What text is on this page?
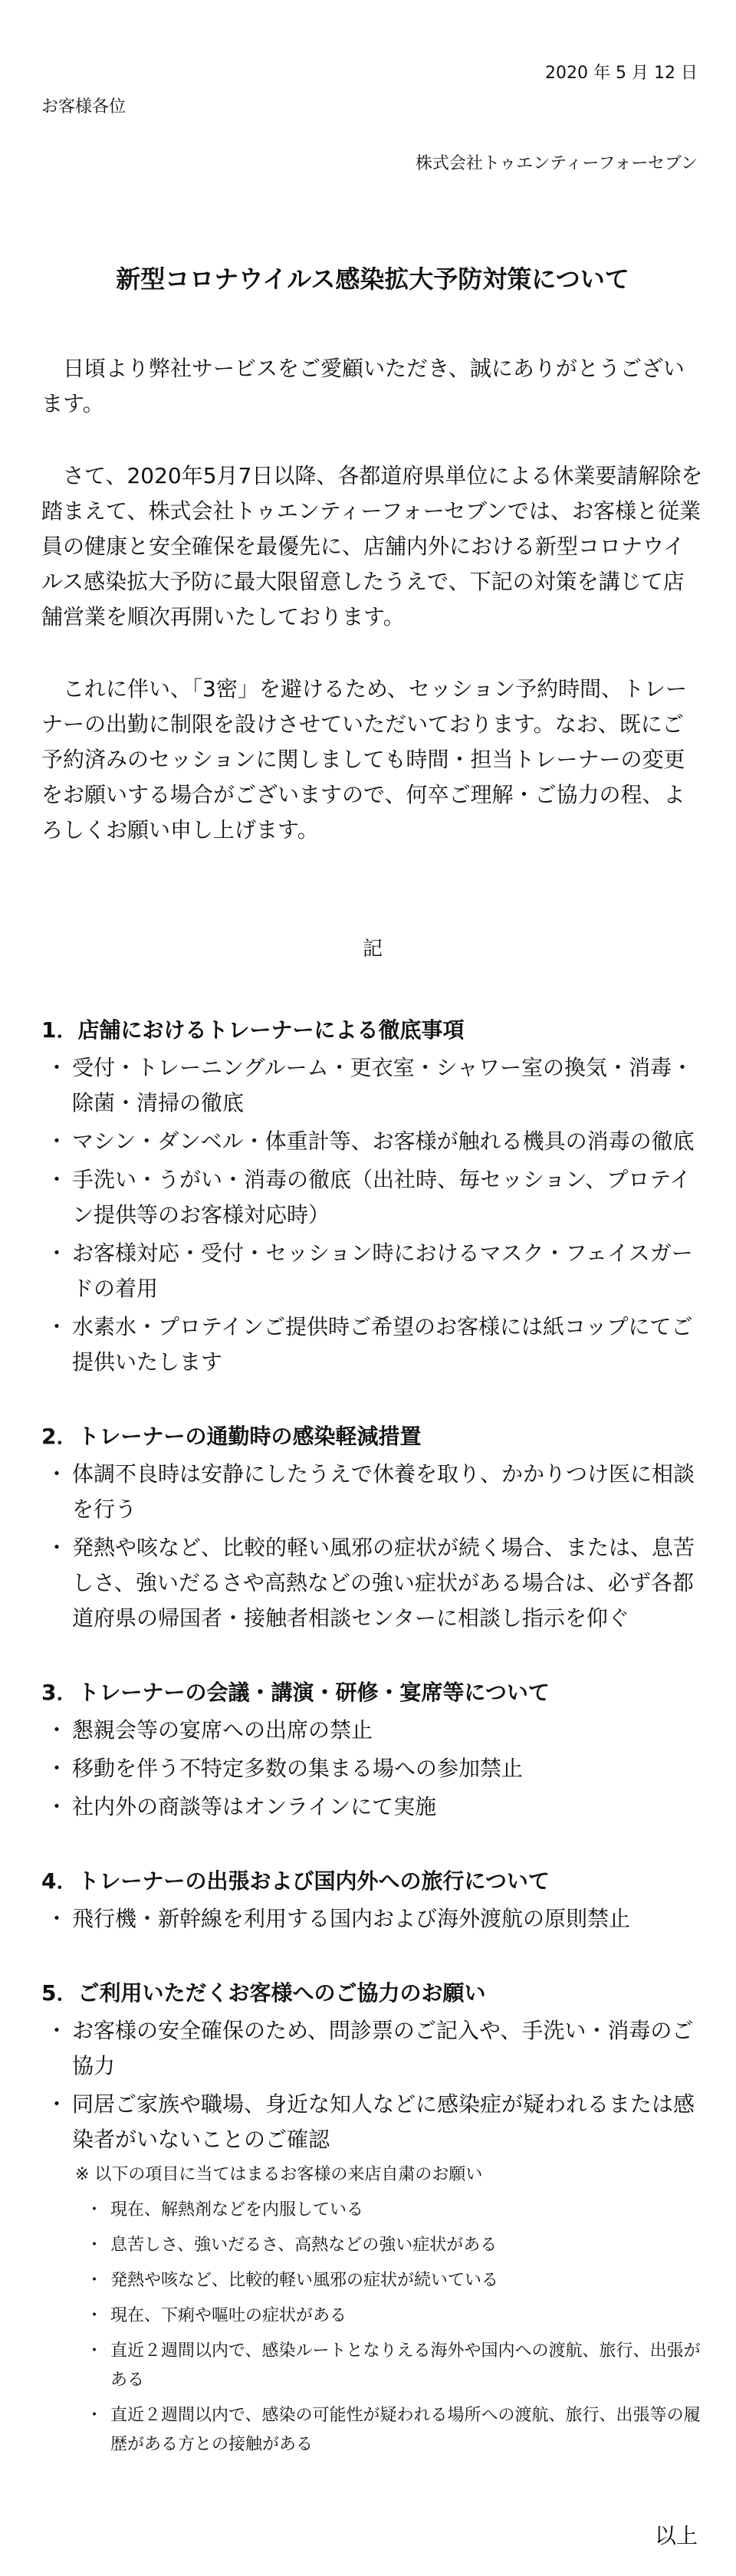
2020 年 5 月 12 日
お客様各位
株式会社トゥエンティーフォーセブン
新型コロナウイルス感染拡大予防対策について

日頃より弊社サービスをご愛顧いただき、誠にありがとうございます。

さて、2020年5月7日以降、各都道府県単位による休業要請解除を踏まえて、株式会社トゥエンティーフォーセブンでは、お客様と従業員の健康と安全確保を最優先に、店舗内外における新型コロナウイルス感染拡大予防に最大限留意したうえで、下記の対策を講じて店舗営業を順次再開いたしております。

これに伴い、「3密」を避けるため、セッション予約時間、トレーナーの出勤に制限を設けさせていただいております。なお、既にご予約済みのセッションに関しましても時間・担当トレーナーの変更をお願いする場合がございますので、何卒ご理解・ご協力の程、よろしくお願い申し上げます。

記
1．店舗におけるトレーナーによる徹底事項
・ 受付・トレーニングルーム・更衣室・シャワー室の換気・消毒・除菌・清掃の徹底
・ マシン・ダンベル・体重計等、お客様が触れる機具の消毒の徹底
・ 手洗い・うがい・消毒の徹底（出社時、毎セッション、プロテイン提供等のお客様対応時）
・ お客様対応・受付・セッション時におけるマスク・フェイスガードの着用
・ 水素水・プロテインご提供時ご希望のお客様には紙コップにてご提供いたします
2．トレーナーの通勤時の感染軽減措置
・ 体調不良時は安静にしたうえで休養を取り、かかりつけ医に相談を行う
・ 発熱や咳など、比較的軽い風邪の症状が続く場合、または、息苦しさ、強いだるさや高熱などの強い症状がある場合は、必ず各都道府県の帰国者・接触者相談センターに相談し指示を仰ぐ
3．トレーナーの会議・講演・研修・宴席等について
・ 懇親会等の宴席への出席の禁止
・ 移動を伴う不特定多数の集まる場への参加禁止
・ 社内外の商談等はオンラインにて実施
4．トレーナーの出張および国内外への旅行について
・ 飛行機・新幹線を利用する国内および海外渡航の原則禁止
5．ご利用いただくお客様へのご協力のお願い
・ お客様の安全確保のため、問診票のご記入や、手洗い・消毒のご協力
・ 同居ご家族や職場、身近な知人などに感染症が疑われるまたは感染者がいないことのご確認
※ 以下の項目に当てはまるお客様の来店自粛のお願い
・ 現在、解熱剤などを内服している
・ 息苦しさ、強いだるさ、高熱などの強い症状がある
・ 発熱や咳など、比較的軽い風邪の症状が続いている
・ 現在、下痢や嘔吐の症状がある
・ 直近２週間以内で、感染ルートとなりえる海外や国内への渡航、旅行、出張がある
・ 直近２週間以内で、感染の可能性が疑われる場所への渡航、旅行、出張等の履歴がある方との接触がある
以上
